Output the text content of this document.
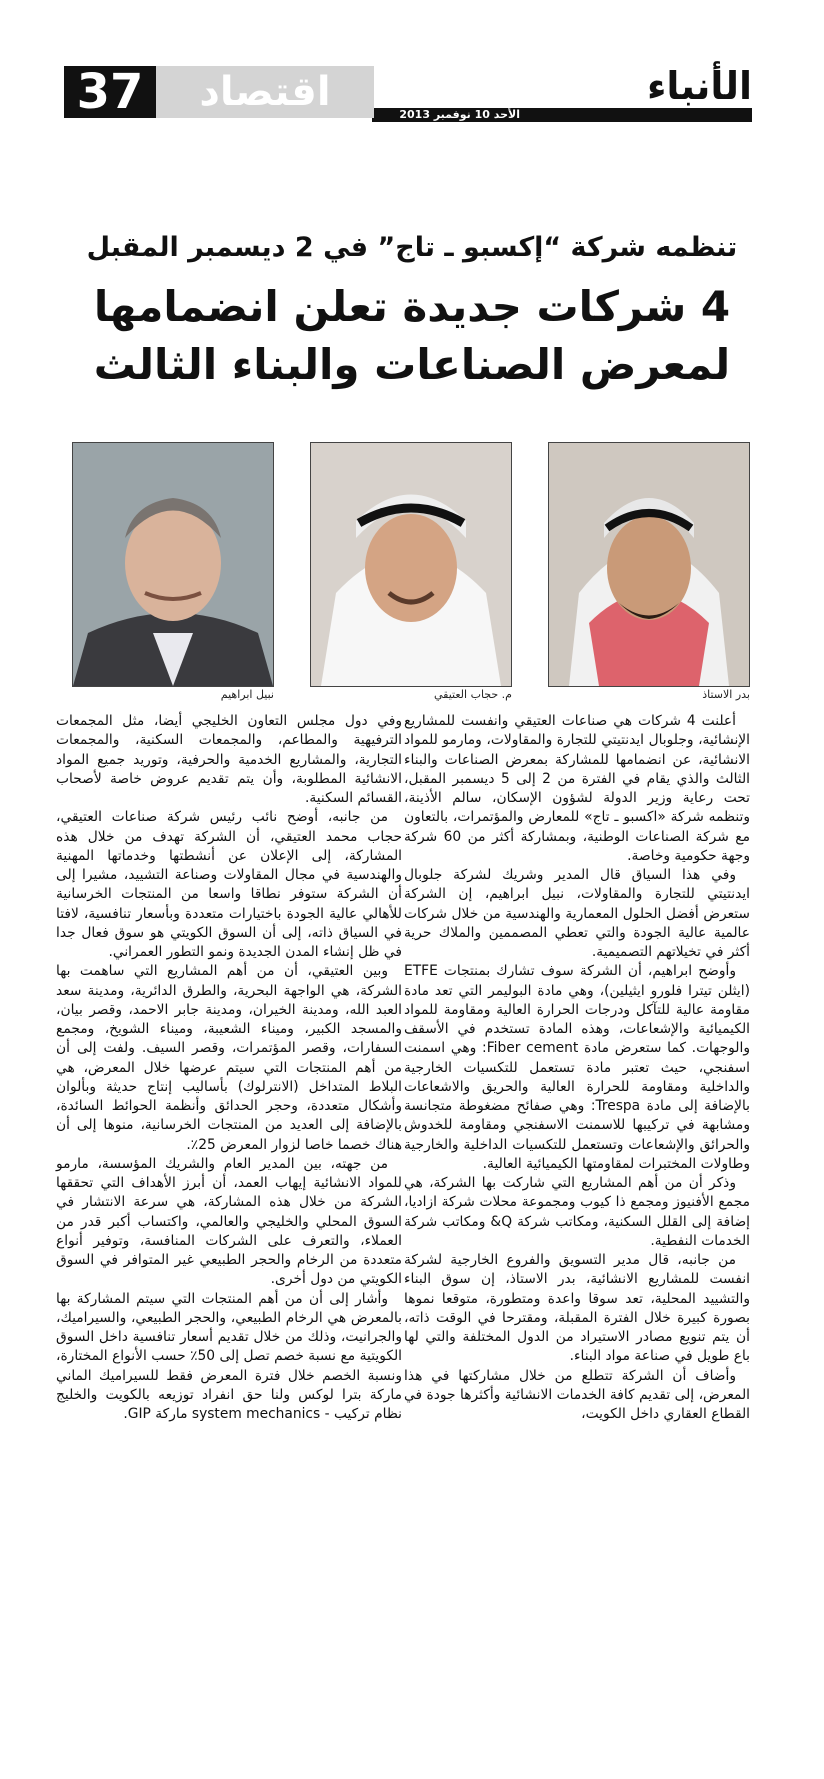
الأنباء
الأحد 10 نوفمبر 2013
37	اقتصاد
تنظمه شركة “إكسبو ـ تاج” في 2 ديسمبر المقبل
4 شركات جديدة تعلن انضمامها
لمعرض الصناعات والبناء الثالث
بدر الاستاذ
م. حجاب العتيقي
نبيل ابراهيم

أعلنت 4 شركات هي صناعات العتيقي وانفست للمشاريع الإنشائية، وجلوبال ايدنتيتي للتجارة والمقاولات، ومارمو للمواد الانشائية، عن انضمامها للمشاركة بمعرض الصناعات والبناء الثالث والذي يقام في الفترة من 2 إلى 5 ديسمبر المقبل، تحت رعاية وزير الدولة لشؤون الإسكان، سالم الأذينة، وتنظمه شركة «اكسبو ـ تاج» للمعارض والمؤتمرات، بالتعاون مع شركة الصناعات الوطنية، وبمشاركة أكثر من 60 شركة وجهة حكومية وخاصة.

وفي هذا السياق قال المدير وشريك لشركة جلوبال ايدنتيتي للتجارة والمقاولات، نبيل ابراهيم، إن الشركة ستعرض أفضل الحلول المعمارية والهندسية من خلال شركات عالمية عالية الجودة والتي تعطي المصممين والملاك حرية أكثر في تخيلاتهم التصميمية.

وأوضح ابراهيم، أن الشركة سوف تشارك بمنتجات ETFE (ايثلن تيترا فلورو ايثيلين)، وهي مادة البوليمر التي تعد مادة مقاومة عالية للتآكل ودرجات الحرارة العالية ومقاومة للمواد الكيميائية والإشعاعات، وهذه المادة تستخدم في الأسقف والوجهات. كما ستعرض مادة Fiber cement: وهي اسمنت اسفنجي، حيث تعتبر مادة تستعمل للتكسيات الخارجية والداخلية ومقاومة للحرارة العالية والحريق والاشعاعات بالإضافة إلى مادة Trespa: وهي صفائح مضغوطة متجانسة ومشابهة في تركيبها للاسمنت الاسفنجي ومقاومة للخدوش والحرائق والإشعاعات وتستعمل للتكسيات الداخلية والخارجية وطاولات المختبرات لمقاومتها الكيميائية العالية.

وذكر أن من أهم المشاريع التي شاركت بها الشركة، هي مجمع الأفنيوز ومجمع ذا كيوب ومجموعة محلات شركة ازاديا، إضافة إلى القلل السكنية، ومكاتب شركة Q& ومكاتب شركة الخدمات النفطية.

من جانبه، قال مدير التسويق والفروع الخارجية لشركة انفست للمشاريع الانشائية، بدر الاستاذ، إن سوق البناء والتشييد المحلية، تعد سوقا واعدة ومتطورة، متوقعا نموها بصورة كبيرة خلال الفترة المقبلة، ومقترحا في الوقت ذاته، أن يتم تنويع مصادر الاستيراد من الدول المختلفة والتي لها باع طويل في صناعة مواد البناء.

وأضاف أن الشركة تتطلع من خلال مشاركتها في هذا المعرض، إلى تقديم كافة الخدمات الانشائية وأكثرها جودة في القطاع العقاري داخل الكويت،

وفي دول مجلس التعاون الخليجي أيضا، مثل المجمعات الترفيهية والمطاعم، والمجمعات السكنية، والمجمعات التجارية، والمشاريع الخدمية والحرفية، وتوريد جميع المواد الانشائية المطلوبة، وأن يتم تقديم عروض خاصة لأصحاب القسائم السكنية.

من جانبه، أوضح نائب رئيس شركة صناعات العتيقي، حجاب محمد العتيقي، أن الشركة تهدف من خلال هذه المشاركة، إلى الإعلان عن أنشطتها وخدماتها المهنية والهندسية في مجال المقاولات وصناعة التشييد، مشيرا إلى أن الشركة ستوفر نطاقا واسعا من المنتجات الخرسانية للأهالي عالية الجودة باختيارات متعددة وبأسعار تنافسية، لافتا في السياق ذاته، إلى أن السوق الكويتي هو سوق فعال جدا في ظل إنشاء المدن الجديدة ونمو التطور العمراني.

وبين العتيقي، أن من أهم المشاريع التي ساهمت بها الشركة، هي الواجهة البحرية، والطرق الدائرية، ومدينة سعد العبد الله، ومدينة الخيران، ومدينة جابر الاحمد، وقصر بيان، والمسجد الكبير، وميناء الشعيبة، وميناء الشويخ، ومجمع السفارات، وقصر المؤتمرات، وقصر السيف. ولفت إلى أن من أهم المنتجات التي سيتم عرضها خلال المعرض، هي البلاط المتداخل (الانترلوك) بأساليب إنتاج حديثة وبألوان وأشكال متعددة، وحجر الحدائق وأنظمة الحوائط السائدة، بالإضافة إلى العديد من المنتجات الخرسانية، منوها إلى أن هناك خصما خاصا لزوار المعرض 25٪.

من جهته، بين المدير العام والشريك المؤسسة، مارمو للمواد الانشائية إيهاب العمد، أن أبرز الأهداف التي تحققها الشركة من خلال هذه المشاركة، هي سرعة الانتشار في السوق المحلي والخليجي والعالمي، واكتساب أكبر قدر من العملاء، والتعرف على الشركات المنافسة، وتوفير أنواع متعددة من الرخام والحجر الطبيعي غير المتوافر في السوق الكويتي من دول أخرى.

وأشار إلى أن من أهم المنتجات التي سيتم المشاركة بها بالمعرض هي الرخام الطبيعي، والحجر الطبيعي، والسيراميك، والجرانيت، وذلك من خلال تقديم أسعار تنافسية داخل السوق الكويتية مع نسبة خصم تصل إلى 50٪ حسب الأنواع المختارة، ونسبة الخصم خلال فترة المعرض فقط للسيراميك الماني ماركة بترا لوكس ولنا حق انفراد توزيعه بالكويت والخليج نظام تركيب - system mechanics ماركة GIP.
